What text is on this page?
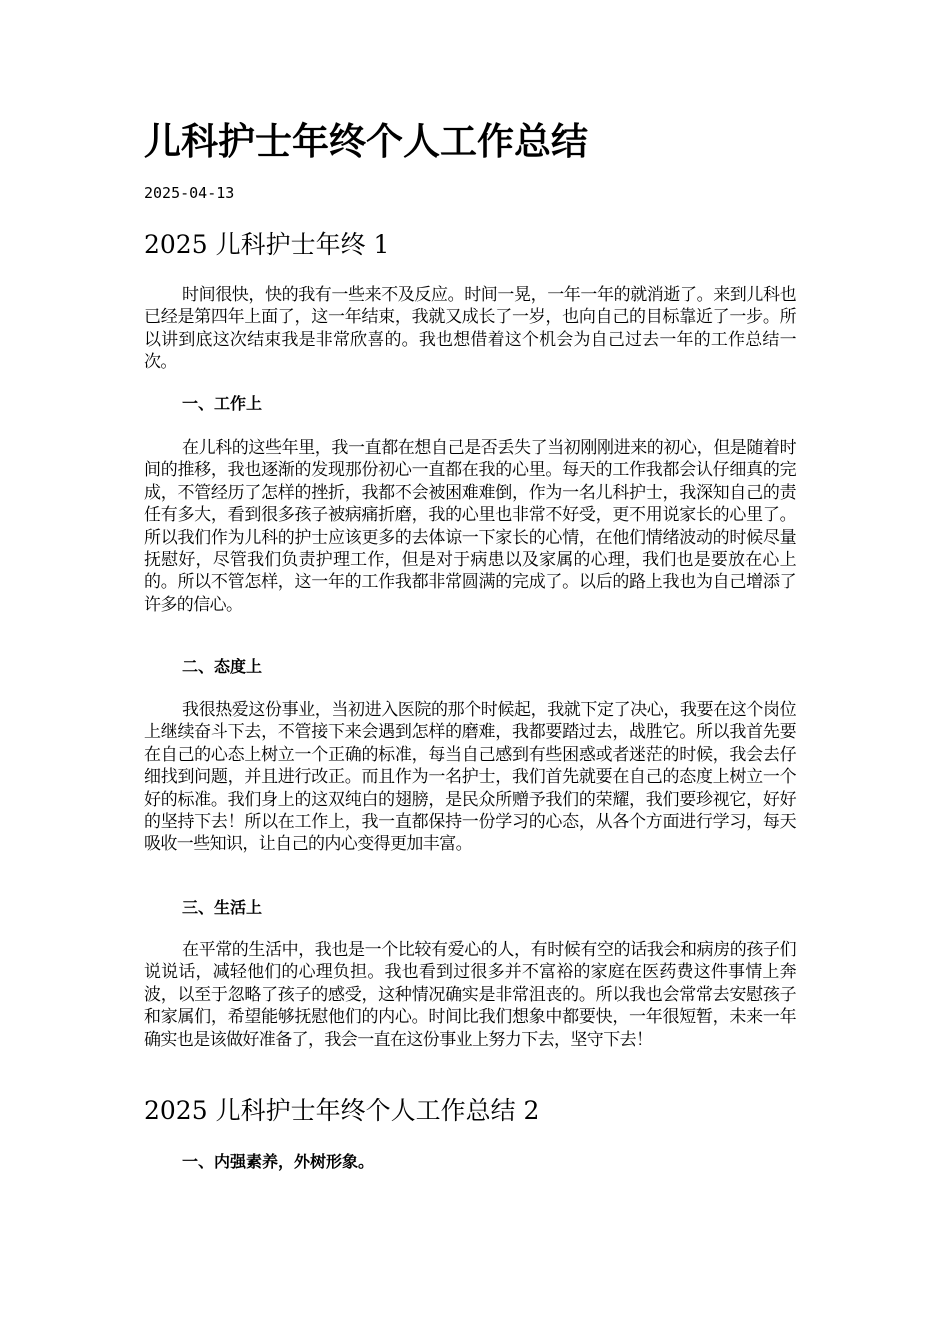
儿科护士年终个人工作总结
2025-04-13
2025 儿科护士年终 1

时间很快，快的我有一些来不及反应。时间一晃，一年一年的就消逝了。来到儿科也已经是第四年上面了，这一年结束，我就又成长了一岁，也向自己的目标靠近了一步。所以讲到底这次结束我是非常欣喜的。我也想借着这个机会为自己过去一年的工作总结一次。

一、工作上

在儿科的这些年里，我一直都在想自己是否丢失了当初刚刚进来的初心，但是随着时间的推移，我也逐渐的发现那份初心一直都在我的心里。每天的工作我都会认仔细真的完成，不管经历了怎样的挫折，我都不会被困难难倒，作为一名儿科护士，我深知自己的责任有多大，看到很多孩子被病痛折磨，我的心里也非常不好受，更不用说家长的心里了。所以我们作为儿科的护士应该更多的去体谅一下家长的心情，在他们情绪波动的时候尽量抚慰好，尽管我们负责护理工作，但是对于病患以及家属的心理，我们也是要放在心上的。所以不管怎样，这一年的工作我都非常圆满的完成了。以后的路上我也为自己增添了许多的信心。

二、态度上

我很热爱这份事业，当初进入医院的那个时候起，我就下定了决心，我要在这个岗位上继续奋斗下去，不管接下来会遇到怎样的磨难，我都要踏过去，战胜它。所以我首先要在自己的心态上树立一个正确的标准，每当自己感到有些困惑或者迷茫的时候，我会去仔细找到问题，并且进行改正。而且作为一名护士，我们首先就要在自己的态度上树立一个好的标准。我们身上的这双纯白的翅膀，是民众所赠予我们的荣耀，我们要珍视它，好好的坚持下去！所以在工作上，我一直都保持一份学习的心态，从各个方面进行学习，每天吸收一些知识，让自己的内心变得更加丰富。

三、生活上

在平常的生活中，我也是一个比较有爱心的人，有时候有空的话我会和病房的孩子们说说话，减轻他们的心理负担。我也看到过很多并不富裕的家庭在医药费这件事情上奔波，以至于忽略了孩子的感受，这种情况确实是非常沮丧的。所以我也会常常去安慰孩子和家属们，希望能够抚慰他们的内心。时间比我们想象中都要快，一年很短暂，未来一年确实也是该做好准备了，我会一直在这份事业上努力下去，坚守下去！

2025 儿科护士年终个人工作总结 2
一、内强素养，外树形象。
